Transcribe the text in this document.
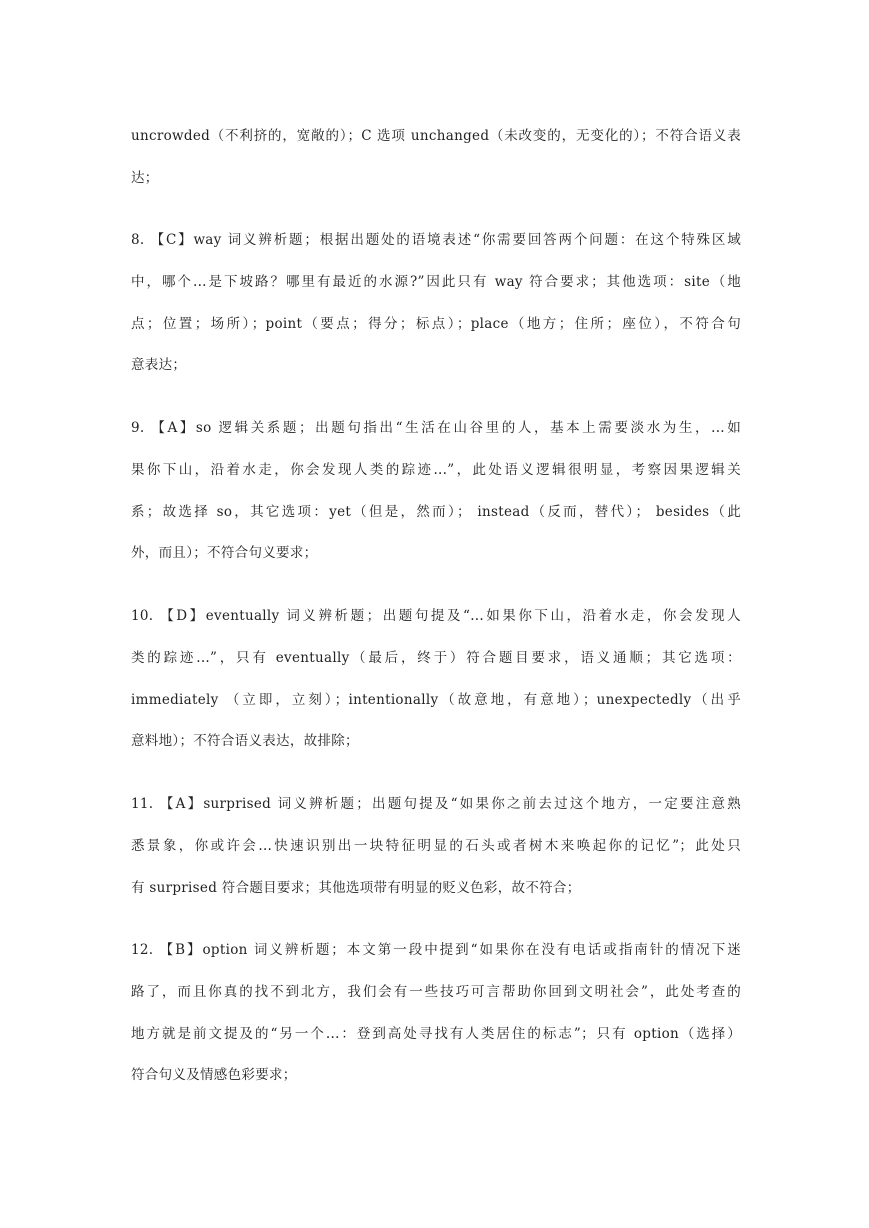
uncrowded（不利挤的，宽敞的）；C 选项 unchanged（未改变的，无变化的）；不符合语义表
达；
8. 【C】way 词义辨析题；根据出题处的语境表述“你需要回答两个问题：在这个特殊区域
中，哪个...是下坡路？哪里有最近的水源?”因此只有 way 符合要求；其他选项：site（地
点；位置；场所）；point（要点；得分；标点）；place（地方；住所；座位），不符合句
意表达；
9. 【A】so 逻辑关系题；出题句指出“生活在山谷里的人，基本上需要淡水为生，...如
果你下山，沿着水走，你会发现人类的踪迹...”，此处语义逻辑很明显，考察因果逻辑关
系；故选择 so，其它选项：yet（但是，然而）； instead（反而，替代）； besides（此
外，而且）；不符合句义要求；
10. 【D】eventually 词义辨析题；出题句提及“...如果你下山，沿着水走，你会发现人
类的踪迹...”，只有 eventually（最后，终于）符合题目要求，语义通顺；其它选项：
immediately （立即，立刻）；intentionally（故意地，有意地）；unexpectedly（出乎
意料地）；不符合语义表达，故排除；
11. 【A】surprised 词义辨析题；出题句提及“如果你之前去过这个地方，一定要注意熟
悉景象，你或许会...快速识别出一块特征明显的石头或者树木来唤起你的记忆”；此处只
有 surprised 符合题目要求；其他选项带有明显的贬义色彩，故不符合；
12. 【B】option 词义辨析题；本文第一段中提到“如果你在没有电话或指南针的情况下迷
路了，而且你真的找不到北方，我们会有一些技巧可言帮助你回到文明社会”，此处考查的
地方就是前文提及的“另一个...：登到高处寻找有人类居住的标志”；只有 option（选择）
符合句义及情感色彩要求；
